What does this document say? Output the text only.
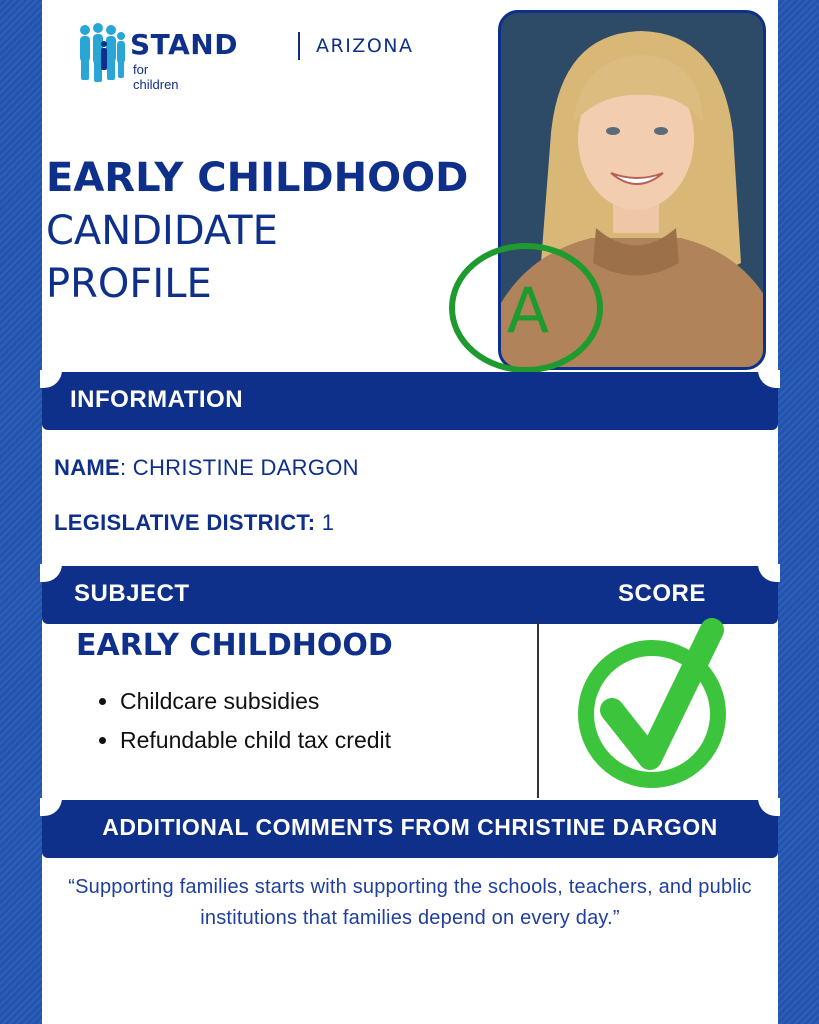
STAND
for children
ARIZONA
EARLY CHILDHOOD
CANDIDATE
PROFILE	A
INFORMATION
NAME: CHRISTINE DARGON
LEGISLATIVE DISTRICT: 1
SUBJECT	SCORE
EARLY CHILDHOOD
• Childcare subsidies
• Refundable child tax credit
ADDITIONAL COMMENTS FROM CHRISTINE DARGON
“Supporting families starts with supporting the schools, teachers, and public institutions that families depend on every day.”
